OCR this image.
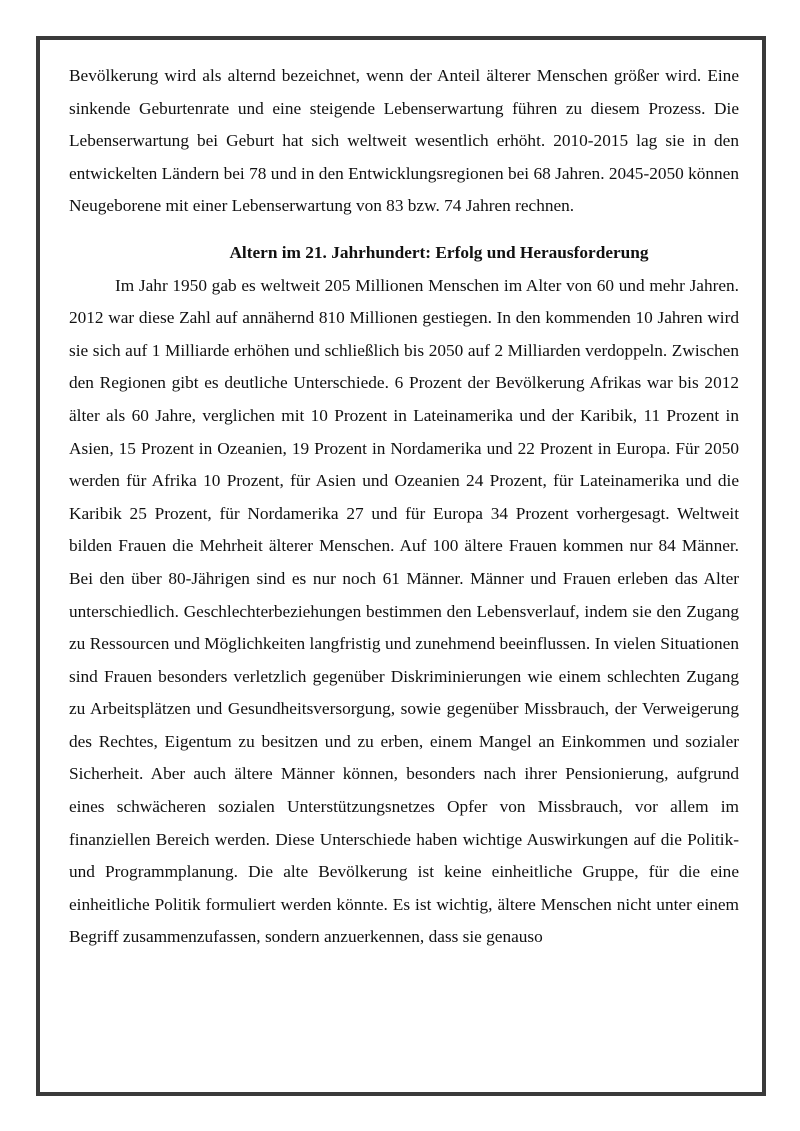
Bevölkerung wird als alternd bezeichnet, wenn der Anteil älterer Menschen größer wird. Eine sinkende Geburtenrate und eine steigende Lebenserwartung führen zu diesem Prozess. Die Lebenserwartung bei Geburt hat sich weltweit wesentlich erhöht. 2010-2015 lag sie in den entwickelten Ländern bei 78 und in den Entwicklungsregionen bei 68 Jahren. 2045-2050 können Neugeborene mit einer Lebenserwartung von 83 bzw. 74 Jahren rechnen.

Altern im 21. Jahrhundert: Erfolg und Herausforderung

Im Jahr 1950 gab es weltweit 205 Millionen Menschen im Alter von 60 und mehr Jahren. 2012 war diese Zahl auf annähernd 810 Millionen gestiegen. In den kommenden 10 Jahren wird sie sich auf 1 Milliarde erhöhen und schließlich bis 2050 auf 2 Milliarden verdoppeln. Zwischen den Regionen gibt es deutliche Unterschiede. 6 Prozent der Bevölkerung Afrikas war bis 2012 älter als 60 Jahre, verglichen mit 10 Prozent in Lateinamerika und der Karibik, 11 Prozent in Asien, 15 Prozent in Ozeanien, 19 Prozent in Nordamerika und 22 Prozent in Europa. Für 2050 werden für Afrika 10 Prozent, für Asien und Ozeanien 24 Prozent, für Lateinamerika und die Karibik 25 Prozent, für Nordamerika 27 und für Europa 34 Prozent vorhergesagt. Weltweit bilden Frauen die Mehrheit älterer Menschen. Auf 100 ältere Frauen kommen nur 84 Männer. Bei den über 80-Jährigen sind es nur noch 61 Männer. Männer und Frauen erleben das Alter unterschiedlich. Geschlechterbeziehungen bestimmen den Lebensverlauf, indem sie den Zugang zu Ressourcen und Möglichkeiten langfristig und zunehmend beeinflussen. In vielen Situationen sind Frauen besonders verletzlich gegenüber Diskriminierungen wie einem schlechten Zugang zu Arbeitsplätzen und Gesundheitsversorgung, sowie gegenüber Missbrauch, der Verweigerung des Rechtes, Eigentum zu besitzen und zu erben, einem Mangel an Einkommen und sozialer Sicherheit. Aber auch ältere Männer können, besonders nach ihrer Pensionierung, aufgrund eines schwächeren sozialen Unterstützungsnetzes Opfer von Missbrauch, vor allem im finanziellen Bereich werden. Diese Unterschiede haben wichtige Auswirkungen auf die Politik- und Programmplanung. Die alte Bevölkerung ist keine einheitliche Gruppe, für die eine einheitliche Politik formuliert werden könnte. Es ist wichtig, ältere Menschen nicht unter einem Begriff zusammenzufassen, sondern anzuerkennen, dass sie genauso
